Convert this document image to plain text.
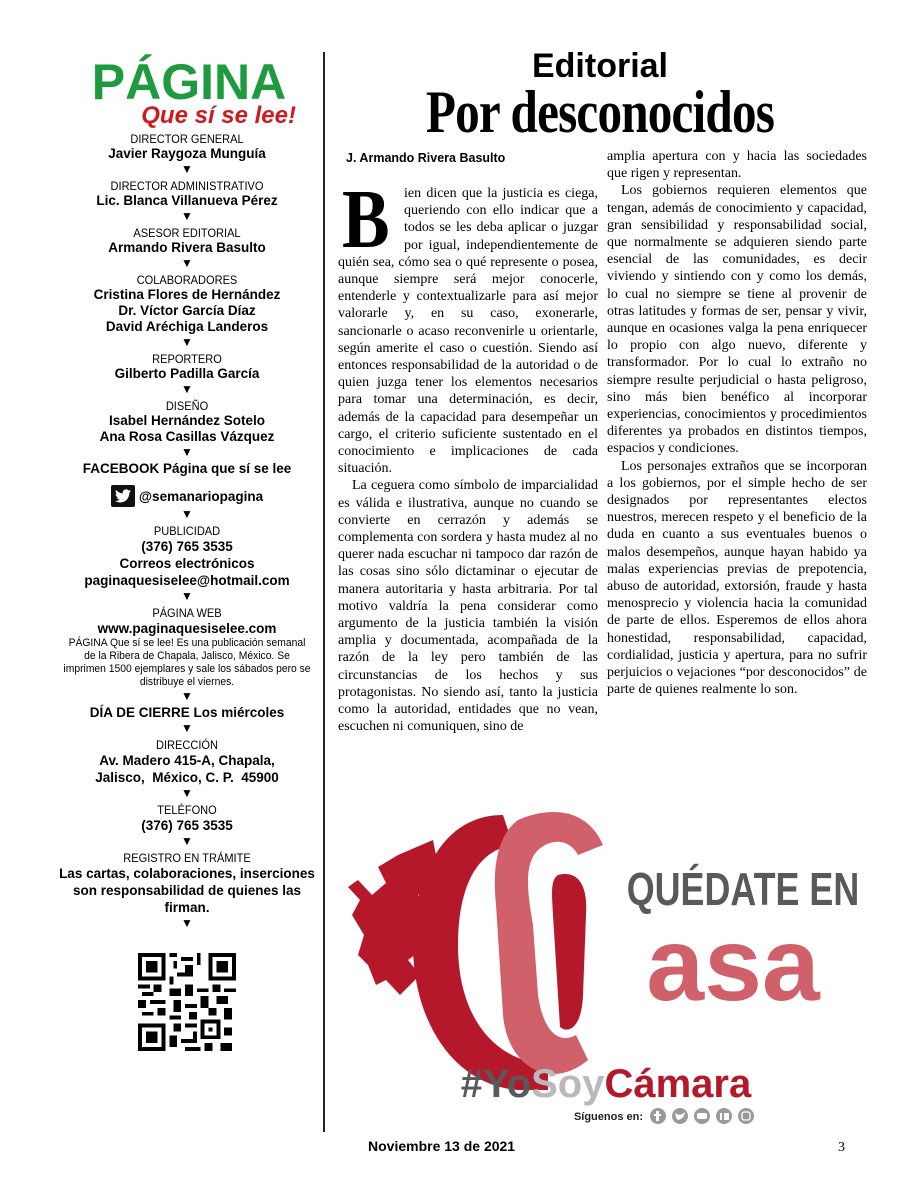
PÁGINA
Que sí se lee!
DIRECTOR GENERAL
Javier Raygoza Munguía
▼
DIRECTOR ADMINISTRATIVO
Lic. Blanca Villanueva Pérez
▼
ASESOR EDITORIAL
Armando Rivera Basulto
▼
COLABORADORES
Cristina Flores de Hernández
Dr. Víctor García Díaz
David Aréchiga Landeros
▼
REPORTERO
Gilberto Padilla García
▼
DISEÑO
Isabel Hernández Sotelo
Ana Rosa Casillas Vázquez
▼
FACEBOOK Página que sí se lee
@semanariopagina
▼
PUBLICIDAD
(376) 765 3535
Correos electrónicos
paginaquesiselee@hotmail.com
▼
PÁGINA WEB
www.paginaquesiselee.com
PÁGINA Que sí se lee! Es una publicación semanal de la Ribera de Chapala, Jalisco, México. Se imprimen 1500 ejemplares y sale los sábados pero se distribuye el viernes.
▼
DÍA DE CIERRE Los miércoles
▼
DIRECCIÓN
Av. Madero 415-A, Chapala,
Jalisco,  México, C. P.  45900
▼
TELÉFONO
(376) 765 3535
▼
REGISTRO EN TRÁMITE
Las cartas, colaboraciones, inserciones son responsabilidad de quienes las firman.
▼
Editorial
Por desconocidos
J. Armando Rivera Basulto

B ien dicen que la justicia es ciega, queriendo con ello indicar que a todos se les deba aplicar o juzgar por igual, independientemente de quién sea, cómo sea o qué represente o posea, aunque siempre será mejor conocerle, entenderle y contextualizarle para así mejor valorarle y, en su caso, exonerarle, sancionarle o acaso reconvenirle u orientarle, según amerite el caso o cuestión. Siendo así entonces responsabilidad de la autoridad o de quien juzga tener los elementos necesarios para tomar una determinación, es decir, además de la capacidad para desempeñar un cargo, el criterio suficiente sustentado en el conocimiento e implicaciones de cada situación.

La ceguera como símbolo de imparcialidad es válida e ilustrativa, aunque no cuando se convierte en cerrazón y además se complementa con sordera y hasta mudez al no querer nada escuchar ni tampoco dar razón de las cosas sino sólo dictaminar o ejecutar de manera autoritaria y hasta arbitraria. Por tal motivo valdría la pena considerar como argumento de la justicia también la visión amplia y documentada, acompañada de la razón de la ley pero también de las circunstancias de los hechos y sus protagonistas. No siendo así, tanto la justicia como la autoridad, entidades que no vean, escuchen ni comuniquen, sino de

amplia apertura con y hacia las sociedades que rigen y representan.

Los gobiernos requieren elementos que tengan, además de conocimiento y capacidad, gran sensibilidad y responsabilidad social, que normalmente se adquieren siendo parte esencial de las comunidades, es decir viviendo y sintiendo con y como los demás, lo cual no siempre se tiene al provenir de otras latitudes y formas de ser, pensar y vivir, aunque en ocasiones valga la pena enriquecer lo propio con algo nuevo, diferente y transformador. Por lo cual lo extraño no siempre resulte perjudicial o hasta peligroso, sino más bien benéfico al incorporar experiencias, conocimientos y procedimientos diferentes ya probados en distintos tiempos, espacios y condiciones.

Los personajes extraños que se incorporan a los gobiernos, por el simple hecho de ser designados por representantes electos nuestros, merecen respeto y el beneficio de la duda en cuanto a sus eventuales buenos o malos desempeños, aunque hayan habido ya malas experiencias previas de prepotencia, abuso de autoridad, extorsión, fraude y hasta menosprecio y violencia hacia la comunidad de parte de ellos. Esperemos de ellos ahora honestidad, responsabilidad, capacidad, cordialidad, justicia y apertura, para no sufrir perjuicios o vejaciones “por desconocidos” de parte de quienes realmente lo son.

QUÉDATE EN
asa
#YoSoyCámara
Síguenos en:
Noviembre 13 de 2021	3
